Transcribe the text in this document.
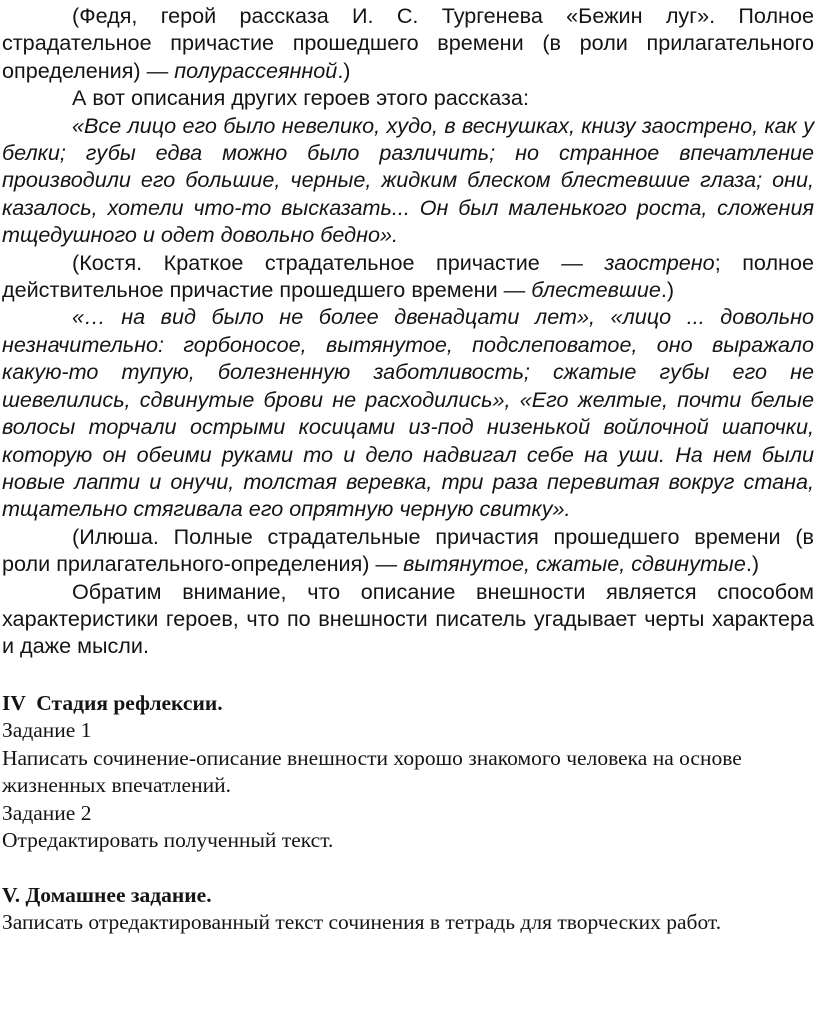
(Федя, герой рассказа И. С. Тургенева «Бежин луг». Полное страдательное причастие прошедшего времени (в роли прилагательного определения) — полурассеянной.)

А вот описания других героев этого рассказа:

«Все лицо его было невелико, худо, в веснушках, книзу заострено, как у белки; губы едва можно было различить; но странное впечатление производили его большие, черные, жидким блеском блестевшие глаза; они, казалось, хотели что-то высказать... Он был маленького роста, сложения тщедушного и одет довольно бедно».

(Костя. Краткое страдательное причастие — заострено; полное действительное причастие прошедшего времени — блестевшие.)

«… на вид было не более двенадцати лет», «лицо ... довольно незначительно: горбоносое, вытянутое, подслеповатое, оно выражало какую-то тупую, болезненную заботливость; сжатые губы его не шевелились, сдвинутые брови не расходились», «Его желтые, почти белые волосы торчали острыми косицами из-под низенькой войлочной шапочки, которую он обеими руками то и дело надвигал себе на уши. На нем были новые лапти и онучи, толстая веревка, три раза перевитая вокруг стана, тщательно стягивала его опрятную черную свитку».

(Илюша. Полные страдательные причастия прошедшего времени (в роли прилагательного-определения) — вытянутое, сжатые, сдвинутые.)

Обратим внимание, что описание внешности является способом характеристики героев, что по внешности писатель угадывает черты характера и даже мысли.

IV  Стадия рефлексии.

Задание 1

Написать сочинение-описание внешности хорошо знакомого человека на основе жизненных впечатлений.

Задание 2

Отредактировать полученный текст.

V. Домашнее задание.

Записать отредактированный текст сочинения в тетрадь для творческих работ.
